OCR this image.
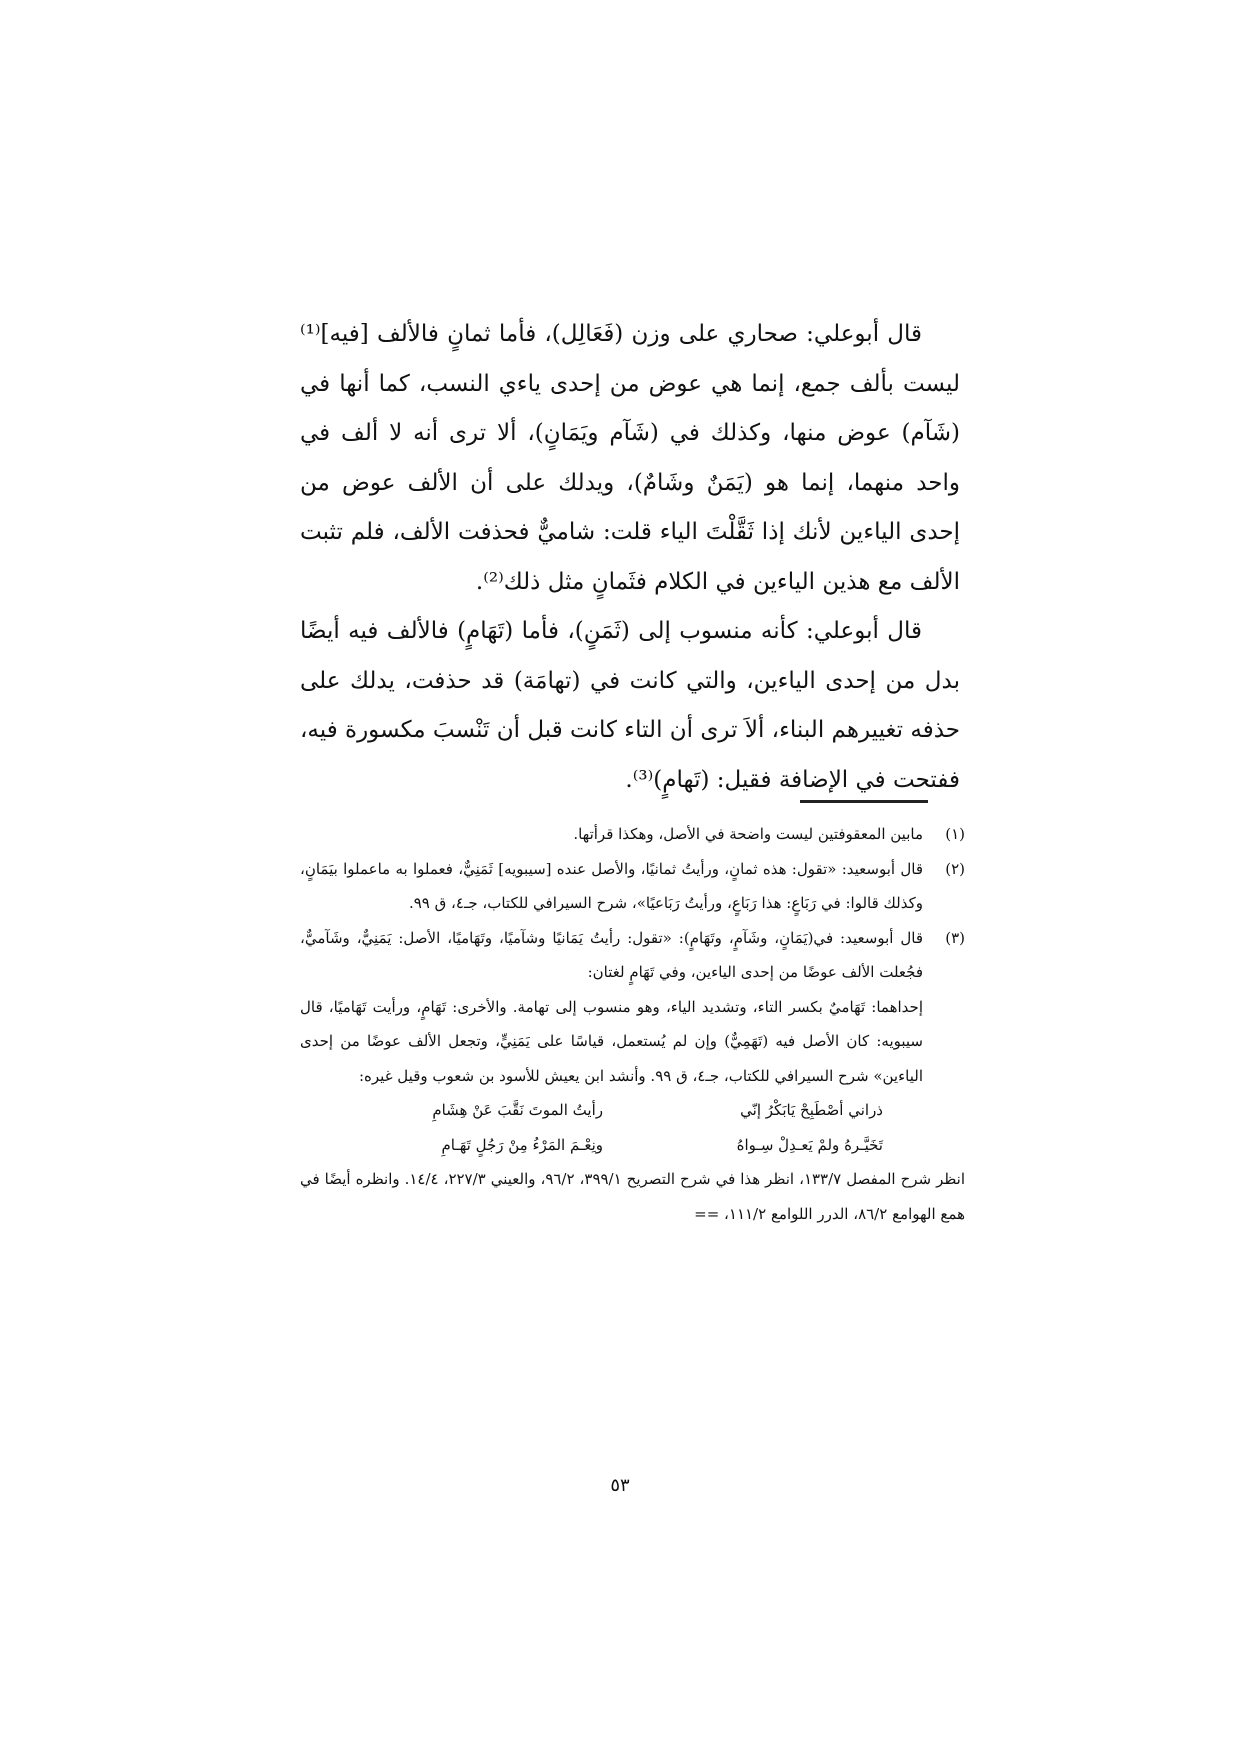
قال أبوعلي: صحاري على وزن (فَعَالِل)، فأما ثمانٍ فالألف [فيه]⁽¹⁾ ليست بألف جمع، إنما هي عوض من إحدى ياءي النسب، كما أنها في (شَآم) عوض منها، وكذلك في (شَآم ويَمَانٍ)، ألا ترى أنه لا ألف في واحد منهما، إنما هو (يَمَنٌ وشَامٌ)، ويدلك على أن الألف عوض من إحدى الياءين لأنك إذا ثَقَّلْتَ الياء قلت: شاميٌّ فحذفت الألف، فلم تثبت الألف مع هذين الياءين في الكلام فثَمانٍ مثل ذلك⁽²⁾.

قال أبوعلي: كأنه منسوب إلى (ثَمَنٍ)، فأما (تَهَامٍ) فالألف فيه أيضًا بدل من إحدى الياءين، والتي كانت في (تهامَة) قد حذفت، يدلك على حذفه تغييرهم البناء، ألاَ ترى أن التاء كانت قبل أن تَنْسبَ مكسورة فيه، ففتحت في الإضافة فقيل: (تَهامٍ)⁽³⁾.

(١)

مابين المعقوفتين ليست واضحة في الأصل، وهكذا قرأتها.

(٢)

قال أبوسعيد: «تقول: هذه ثمانٍ، ورأيتُ ثمانيًا، والأصل عنده [سيبويه] ثَمَنِيٌّ، فعملوا به ماعملوا بيَمَانٍ، وكذلك قالوا: في رَبَاعٍ: هذا رَبَاعٍ، ورأيتُ رَبَاعيًا»، شرح السيرافي للكتاب، جـ٤، ق ٩٩.

(٣)

قال أبوسعيد: في(يَمَانٍ، وشَآمٍ، وتَهَامٍ): «تقول: رأيتُ يَمَانيًا وشآميًا، وتَهَاميًا، الأصل: يَمَنِيٌّ، وشَآميٌّ، فجُعلت الألف عوضًا من إحدى الياءين، وفي تَهَامٍ لغتان:

إحداهما: تَهَاميٌ بكسر التاء، وتشديد الياء، وهو منسوب إلى تهامة. والأخرى: تَهَامٍ، ورأيت تَهَاميًا، قال سيبويه: كان الأصل فيه (تَهَمِيٌّ) وإن لم يُستعمل، قياسًا على يَمَنِيٍّ، وتجعل الألف عوضًا من إحدى الياءين» شرح السيرافي للكتاب، جـ٤، ق ٩٩. وأنشد ابن يعيش للأسود بن شعوب وقيل غيره:

ذراني أصْطَبِحْ يَابَكْرُ إنّي
رأيتُ الموتَ نَقَّبَ عَنْ هِشَامِ
تَخَيَّـرهُ ولمْ يَعـدِلْ سِـواهُ
ونِعْـمَ المَرْءُ مِنْ رَجُلٍ تَهَـامِ

انظر شرح المفصل ١٣٣/٧، انظر هذا في شرح التصريح ٣٩٩/١، ٩٦/٢، والعيني ٢٢٧/٣، ١٤/٤. وانظره أيضًا في همع الهوامع ٨٦/٢، الدرر اللوامع ١١١/٢، ==

٥٣
